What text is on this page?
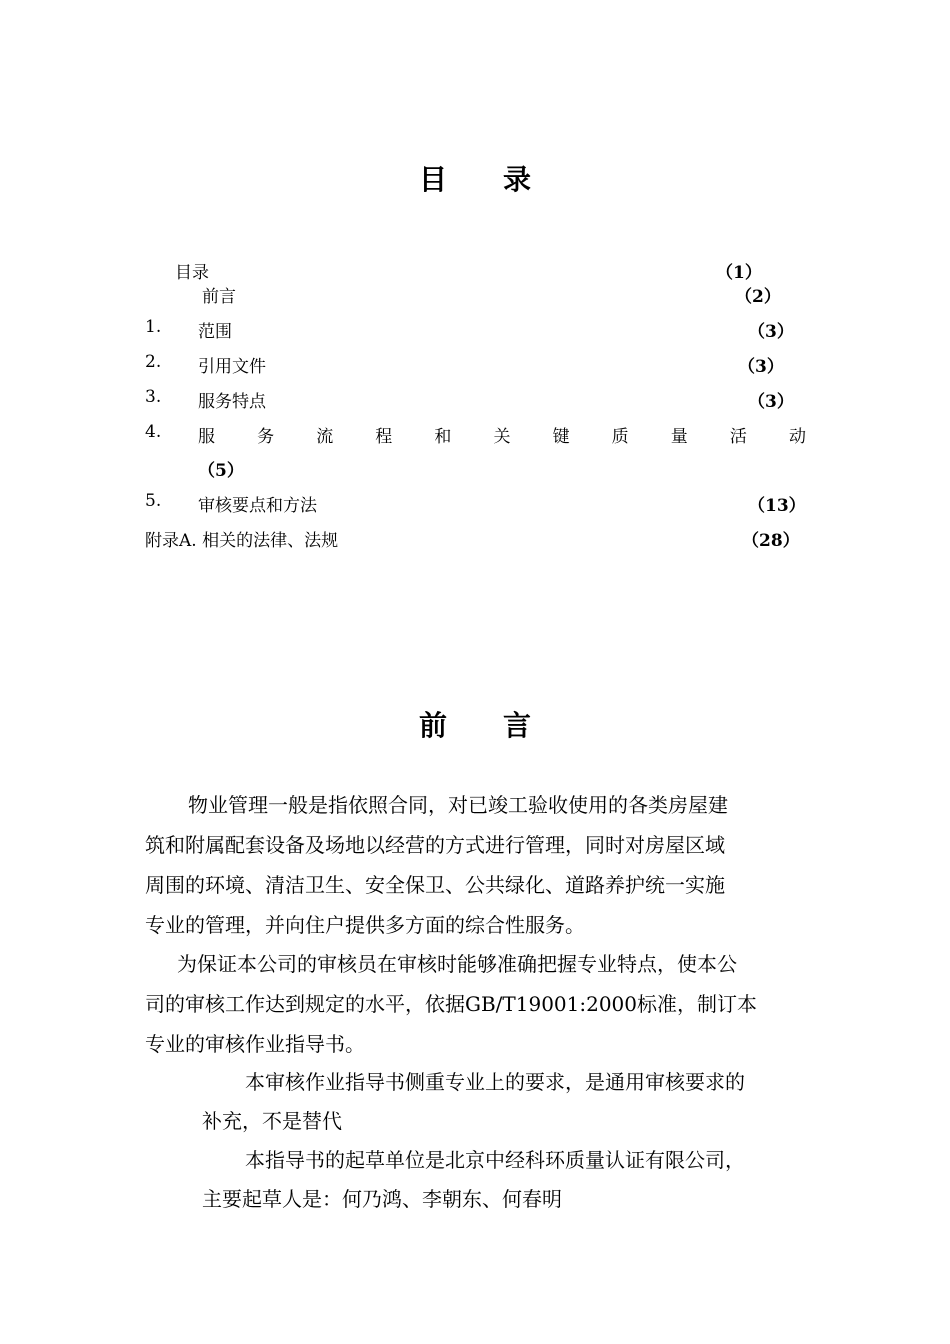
目 录
目录	（1）
前言	（2）
1. 范围	（3）
2. 引用文件	（3）
3. 服务特点	（3）
4. 服 务 流 程 和 关 键 质 量 活 动
（5）
5. 审核要点和方法	（13）
附录A. 相关的法律、法规	（28）
前 言
物业管理一般是指依照合同，对已竣工验收使用的各类房屋建
筑和附属配套设备及场地以经营的方式进行管理，同时对房屋区域
周围的环境、清洁卫生、安全保卫、公共绿化、道路养护统一实施
专业的管理，并向住户提供多方面的综合性服务。
为保证本公司的审核员在审核时能够准确把握专业特点，使本公
司的审核工作达到规定的水平，依据GB/T19001:2000标准，制订本
专业的审核作业指导书。
本审核作业指导书侧重专业上的要求，是通用审核要求的
补充，不是替代
本指导书的起草单位是北京中经科环质量认证有限公司，
主要起草人是：何乃鸿、李朝东、何春明
